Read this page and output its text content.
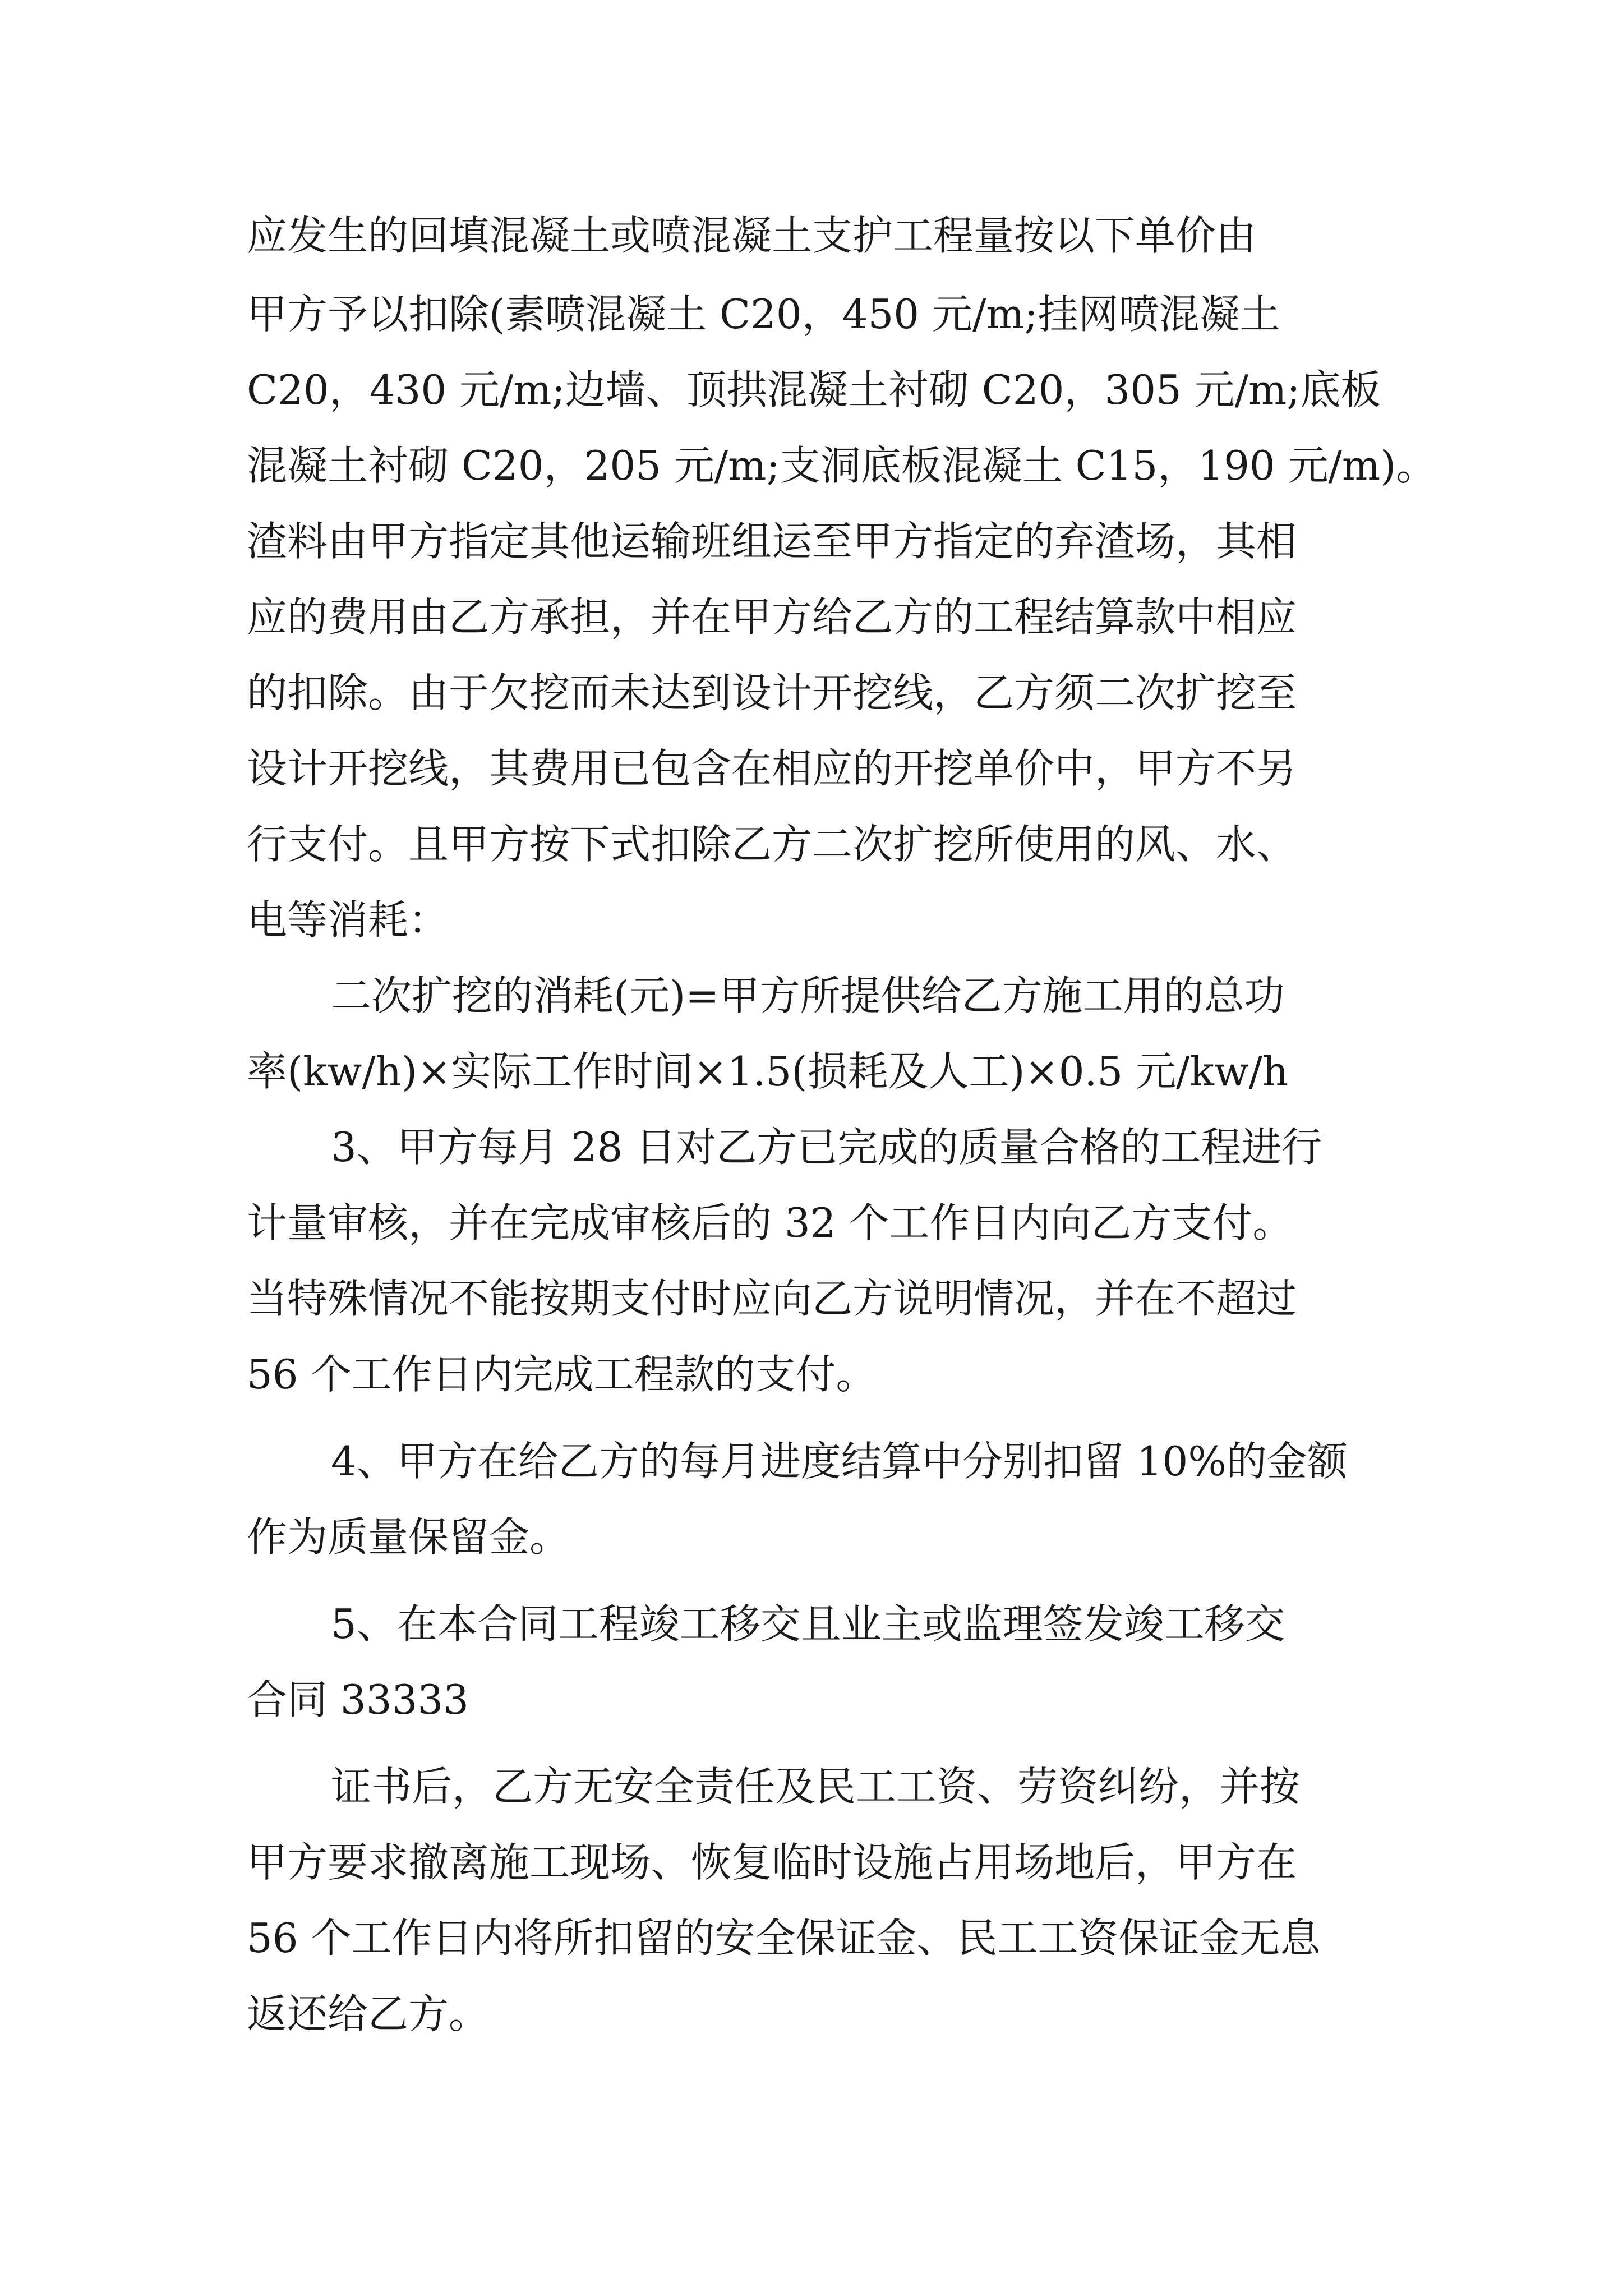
应发生的回填混凝土或喷混凝土支护工程量按以下单价由

甲方予以扣除(素喷混凝土 C20，450 元/m;挂网喷混凝土

C20，430 元/m;边墙、顶拱混凝土衬砌 C20，305 元/m;底板

混凝土衬砌 C20，205 元/m;支洞底板混凝土 C15，190 元/m)。

渣料由甲方指定其他运输班组运至甲方指定的弃渣场，其相

应的费用由乙方承担，并在甲方给乙方的工程结算款中相应

的扣除。由于欠挖而未达到设计开挖线，乙方须二次扩挖至

设计开挖线，其费用已包含在相应的开挖单价中，甲方不另

行支付。且甲方按下式扣除乙方二次扩挖所使用的风、水、

电等消耗：

二次扩挖的消耗(元)=甲方所提供给乙方施工用的总功

率(kw/h)×实际工作时间×1.5(损耗及人工)×0.5 元/kw/h

3、甲方每月 28 日对乙方已完成的质量合格的工程进行

计量审核，并在完成审核后的 32 个工作日内向乙方支付。

当特殊情况不能按期支付时应向乙方说明情况，并在不超过

56 个工作日内完成工程款的支付。

4、甲方在给乙方的每月进度结算中分别扣留 10%的金额

作为质量保留金。

5、在本合同工程竣工移交且业主或监理签发竣工移交

合同 33333

证书后，乙方无安全责任及民工工资、劳资纠纷，并按

甲方要求撤离施工现场、恢复临时设施占用场地后，甲方在

56 个工作日内将所扣留的安全保证金、民工工资保证金无息

返还给乙方。
